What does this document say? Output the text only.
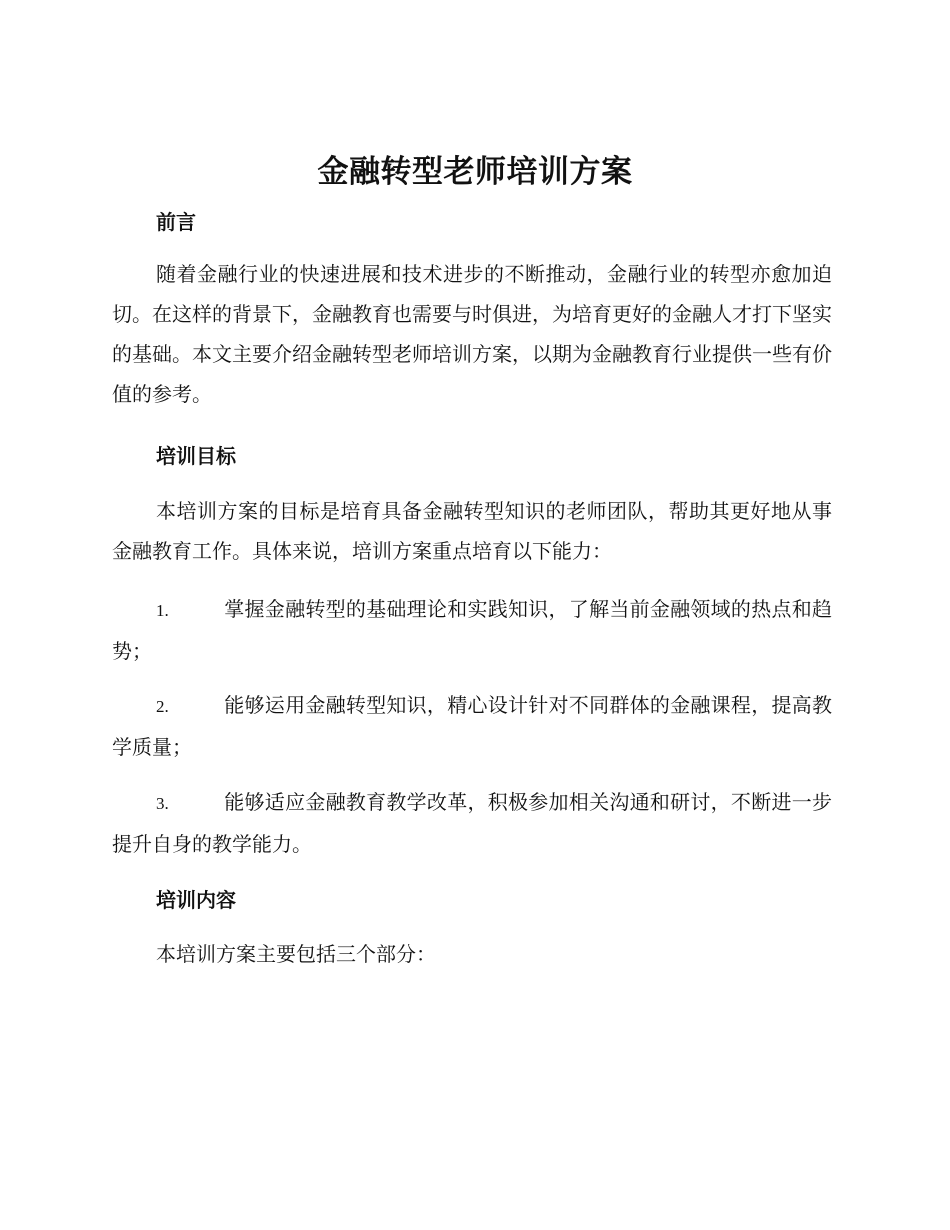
金融转型老师培训方案
前言
随着金融行业的快速进展和技术进步的不断推动，金融行业的转型亦愈加迫切。在这样的背景下，金融教育也需要与时俱进，为培育更好的金融人才打下坚实的基础。本文主要介绍金融转型老师培训方案，以期为金融教育行业提供一些有价值的参考。
培训目标
本培训方案的目标是培育具备金融转型知识的老师团队，帮助其更好地从事金融教育工作。具体来说，培训方案重点培育以下能力：
1.	掌握金融转型的基础理论和实践知识，了解当前金融领域的热点和趋势；
2.	能够运用金融转型知识，精心设计针对不同群体的金融课程，提高教学质量；
3.	能够适应金融教育教学改革，积极参加相关沟通和研讨，不断进一步提升自身的教学能力。
培训内容
本培训方案主要包括三个部分：
